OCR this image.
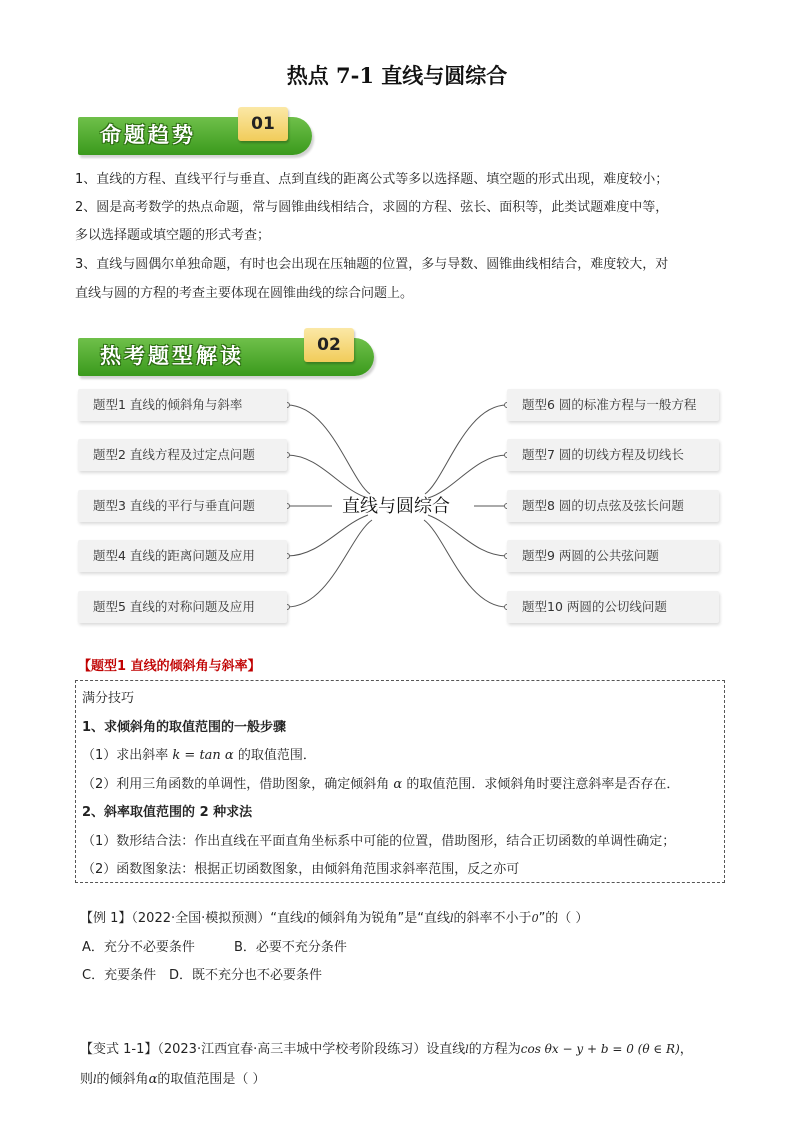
热点 7-1 直线与圆综合
命题趋势	01
1、直线的方程、直线平行与垂直、点到直线的距离公式等多以选择题、填空题的形式出现，难度较小；
2、圆是高考数学的热点命题，常与圆锥曲线相结合，求圆的方程、弦长、面积等，此类试题难度中等，
多以选择题或填空题的形式考查；
3、直线与圆偶尔单独命题，有时也会出现在压轴题的位置，多与导数、圆锥曲线相结合，难度较大，对
直线与圆的方程的考查主要体现在圆锥曲线的综合问题上。
热考题型解读	02
题型1 直线的倾斜角与斜率
题型2 直线方程及过定点问题
题型3 直线的平行与垂直问题
题型4 直线的距离问题及应用
题型5 直线的对称问题及应用
直线与圆综合
题型6 圆的标准方程与一般方程
题型7 圆的切线方程及切线长
题型8 圆的切点弦及弦长问题
题型9 两圆的公共弦问题
题型10 两圆的公切线问题
【题型1 直线的倾斜角与斜率】
满分技巧
1、求倾斜角的取值范围的一般步骤
（1）求出斜率 k = tan α 的取值范围．
（2）利用三角函数的单调性，借助图象，确定倾斜角 α 的取值范围．求倾斜角时要注意斜率是否存在．
2、斜率取值范围的 2 种求法
（1）数形结合法：作出直线在平面直角坐标系中可能的位置，借助图形，结合正切函数的单调性确定；
（2）函数图象法：根据正切函数图象，由倾斜角范围求斜率范围，反之亦可
【例 1】（2022·全国·模拟预测）“直线l的倾斜角为锐角”是“直线l的斜率不小于0”的（ ）
A．充分不必要条件	B．必要不充分条件
C．充要条件 D．既不充分也不必要条件
【变式 1-1】（2023·江西宜春·高三丰城中学校考阶段练习）设直线l的方程为cos θx − y + b = 0 (θ ∈ R)，
则l的倾斜角α的取值范围是（ ）
